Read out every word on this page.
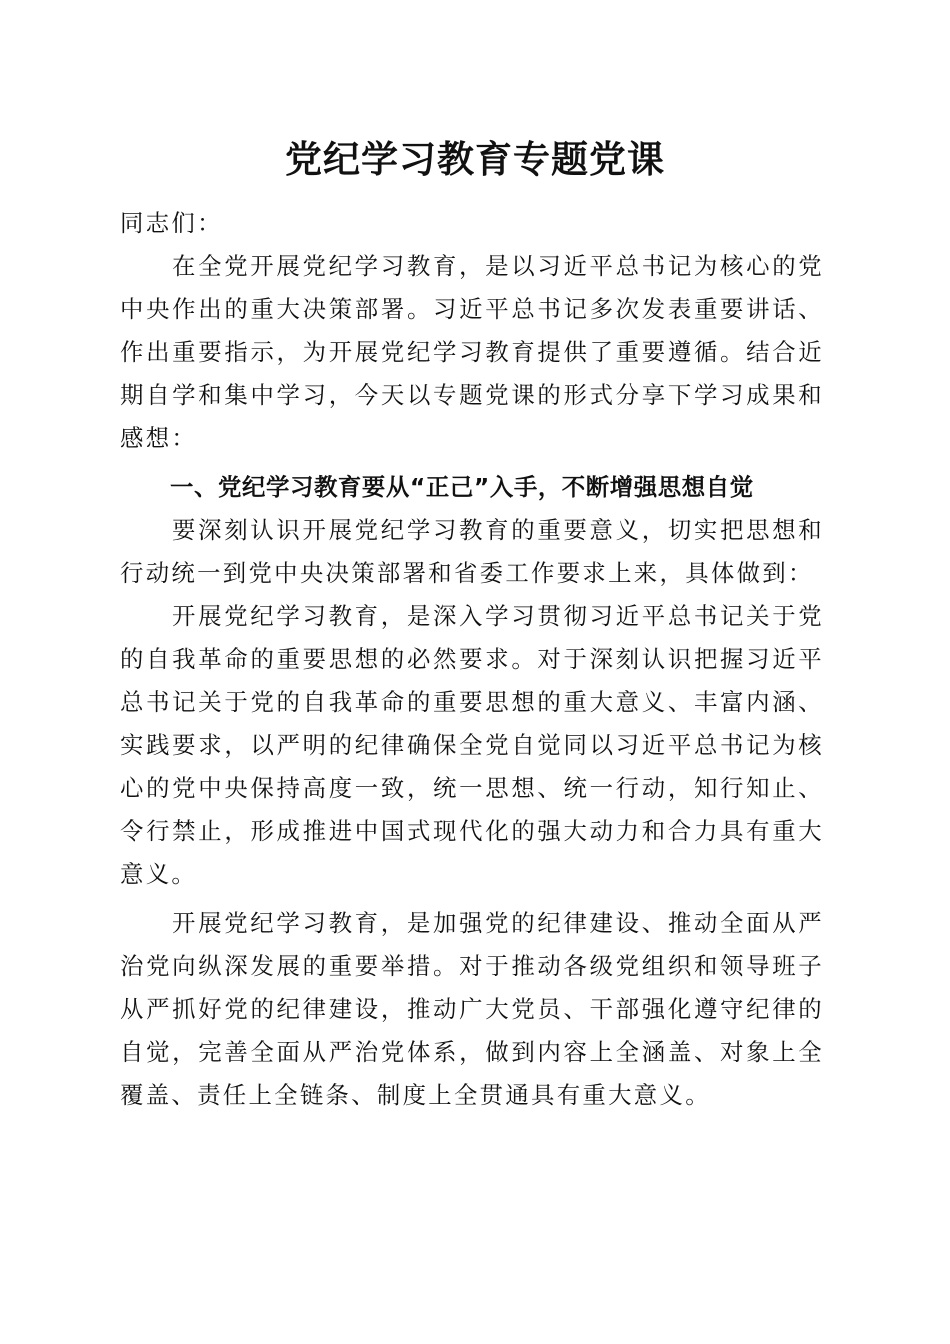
党纪学习教育专题党课

同志们：

在全党开展党纪学习教育，是以习近平总书记为核心的党中央作出的重大决策部署。习近平总书记多次发表重要讲话、作出重要指示，为开展党纪学习教育提供了重要遵循。结合近期自学和集中学习，今天以专题党课的形式分享下学习成果和感想：

一、党纪学习教育要从“正己”入手，不断增强思想自觉

要深刻认识开展党纪学习教育的重要意义，切实把思想和行动统一到党中央决策部署和省委工作要求上来，具体做到：

开展党纪学习教育，是深入学习贯彻习近平总书记关于党的自我革命的重要思想的必然要求。对于深刻认识把握习近平总书记关于党的自我革命的重要思想的重大意义、丰富内涵、实践要求，以严明的纪律确保全党自觉同以习近平总书记为核心的党中央保持高度一致，统一思想、统一行动，知行知止、令行禁止，形成推进中国式现代化的强大动力和合力具有重大意义。

开展党纪学习教育，是加强党的纪律建设、推动全面从严治党向纵深发展的重要举措。对于推动各级党组织和领导班子从严抓好党的纪律建设，推动广大党员、干部强化遵守纪律的自觉，完善全面从严治党体系，做到内容上全涵盖、对象上全覆盖、责任上全链条、制度上全贯通具有重大意义。
